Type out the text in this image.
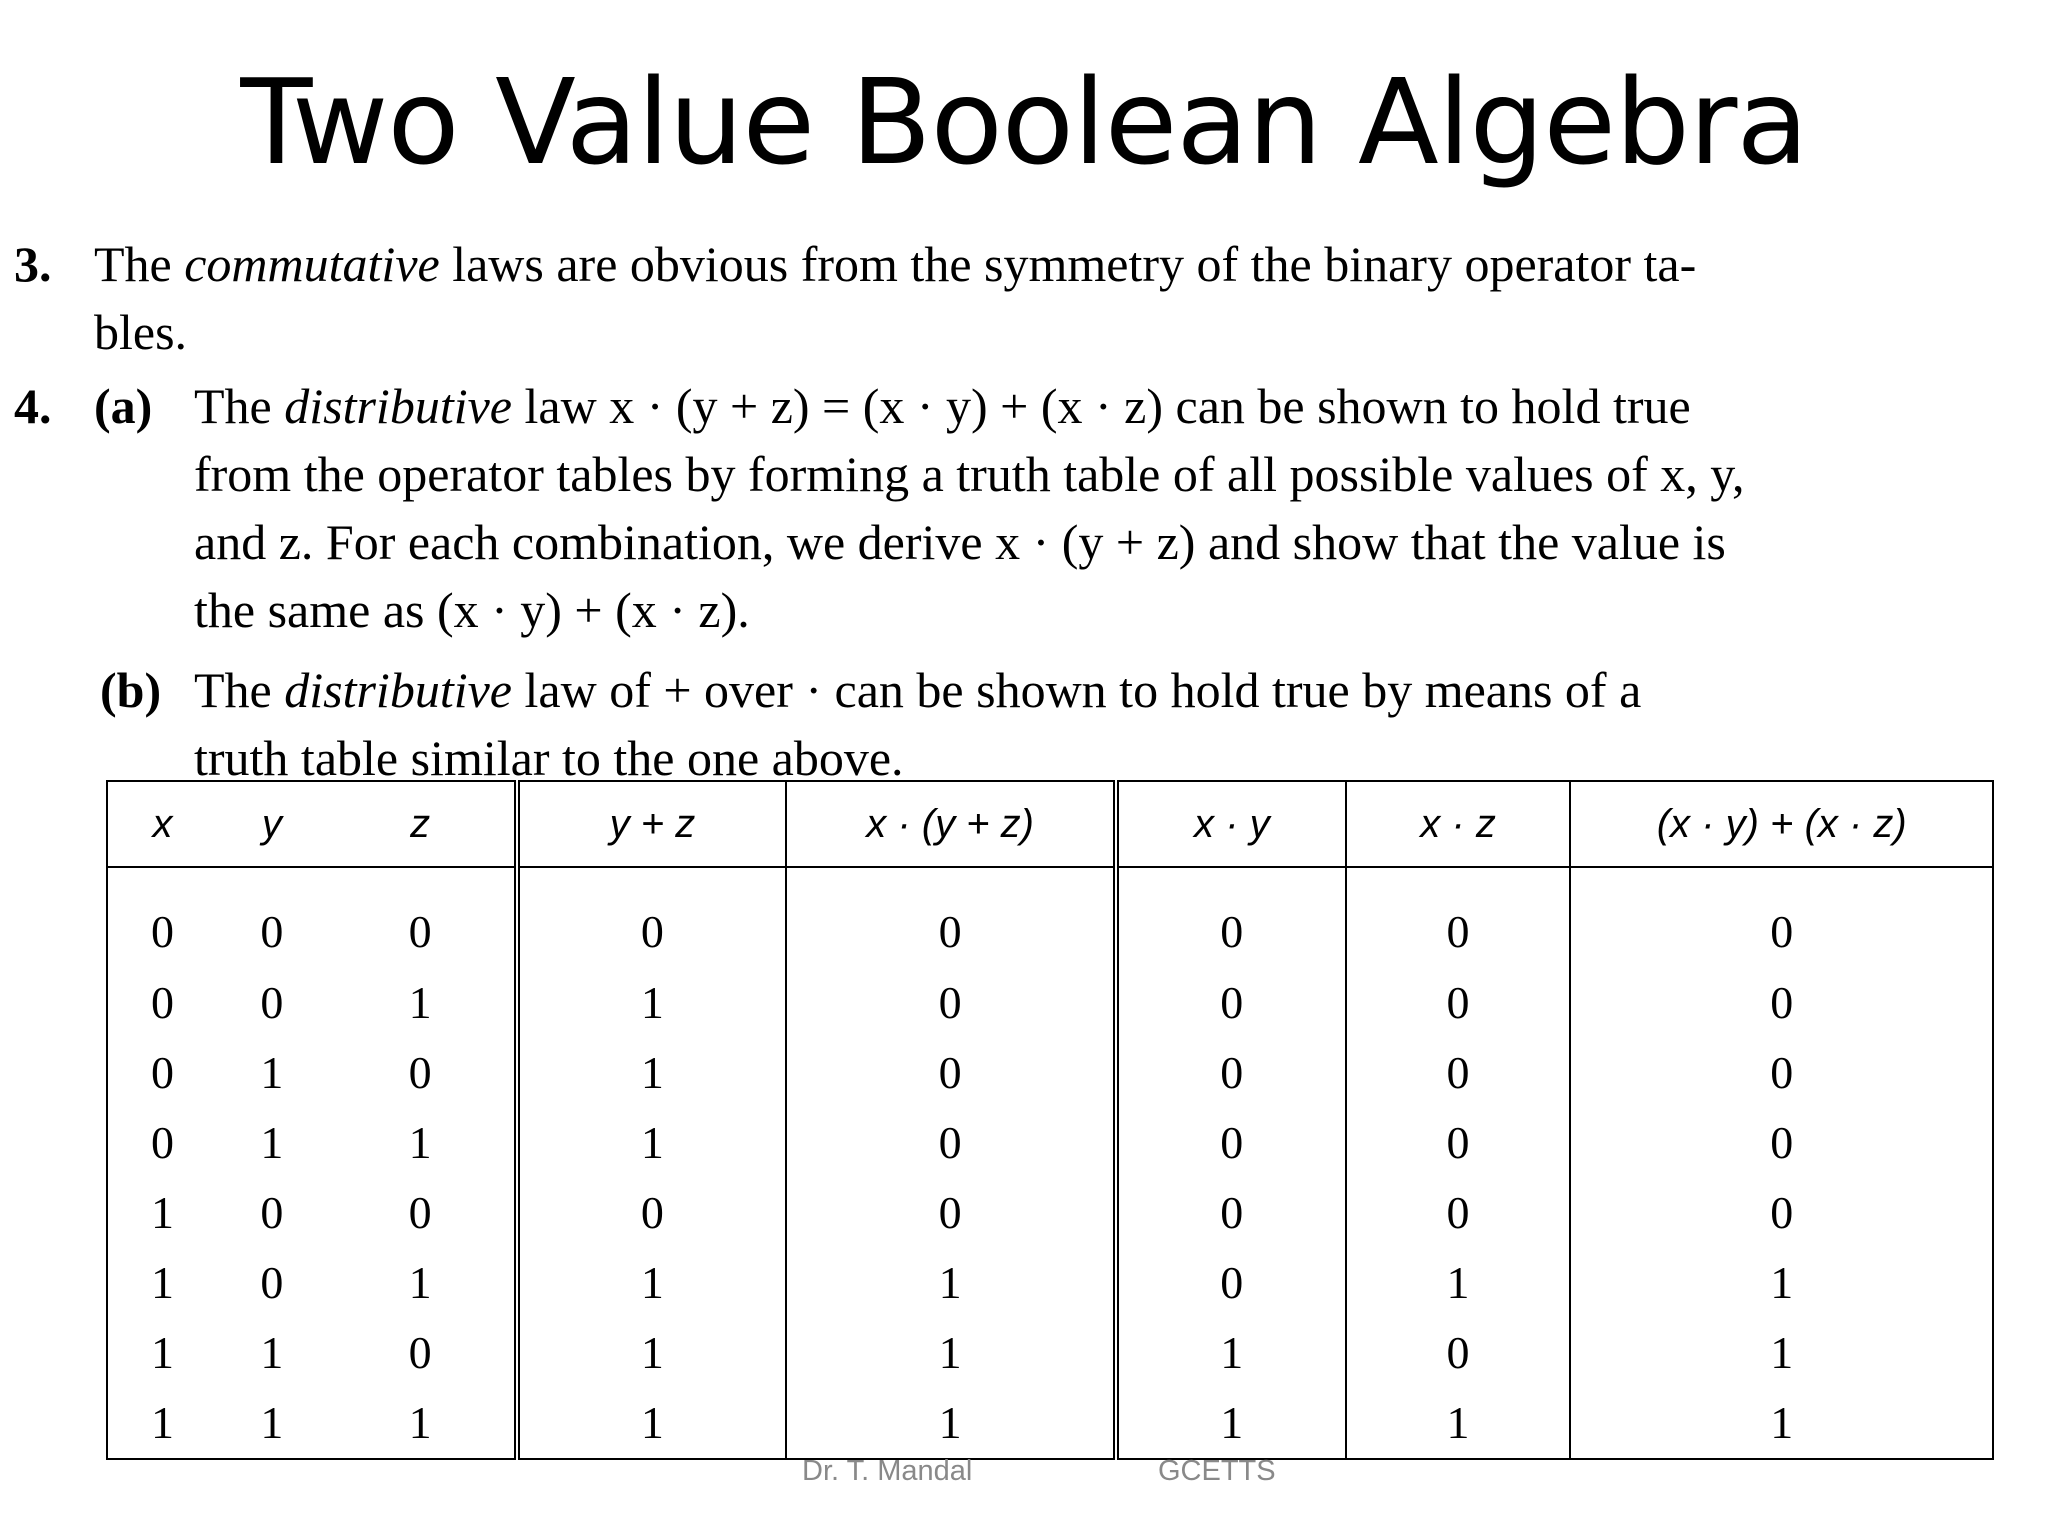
Two Value Boolean Algebra
3. The commutative laws are obvious from the symmetry of the binary operator ta-
bles.
4. (a) The distributive law x · (y + z) = (x · y) + (x · z) can be shown to hold true
from the operator tables by forming a truth table of all possible values of x, y,
and z. For each combination, we derive x · (y + z) and show that the value is
the same as (x · y) + (x · z).
(b) The distributive law of + over · can be shown to hold true by means of a
truth table similar to the one above.
x	y	z	y + z	x · (y + z)	x · y	x · z	(x · y) + (x · z)
0	0	0	0	0	0	0	0
0	0	1	1	0	0	0	0
0	1	0	1	0	0	0	0
0	1	1	1	0	0	0	0
1	0	0	0	0	0	0	0
1	0	1	1	1	0	1	1
1	1	0	1	1	1	0	1
1	1	1	1	1	1	1	1
Dr. T. Mandal	GCETTS
